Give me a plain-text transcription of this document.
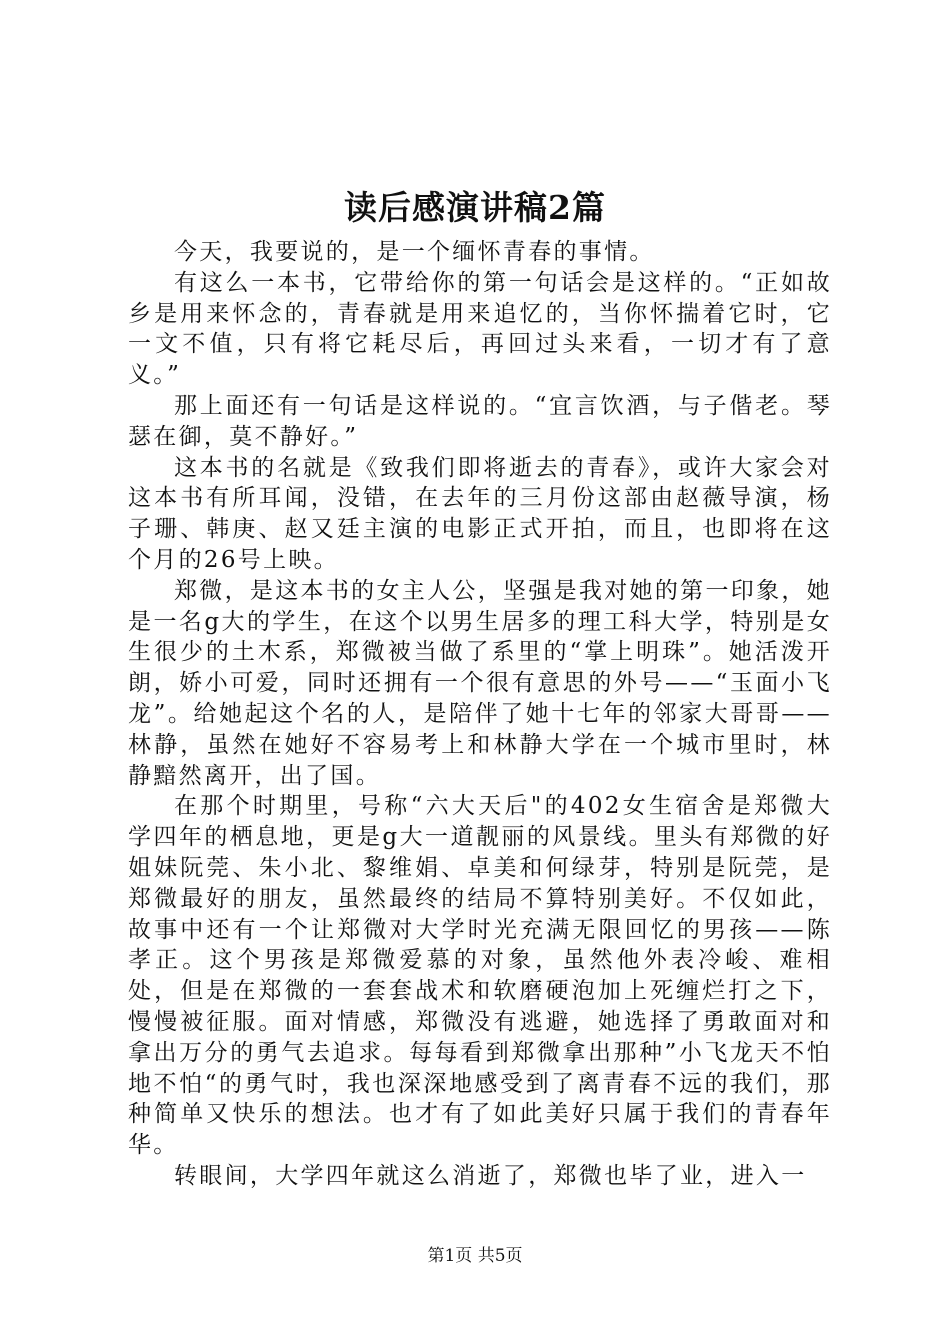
读后感演讲稿2篇

今天，我要说的，是一个缅怀青春的事情。

有这么一本书，它带给你的第一句话会是这样的。“正如故乡是用来怀念的，青春就是用来追忆的，当你怀揣着它时，它一文不值，只有将它耗尽后，再回过头来看，一切才有了意义。”

那上面还有一句话是这样说的。“宜言饮酒，与子偕老。琴瑟在御，莫不静好。”

这本书的名就是《致我们即将逝去的青春》，或许大家会对这本书有所耳闻，没错，在去年的三月份这部由赵薇导演，杨子珊、韩庚、赵又廷主演的电影正式开拍，而且，也即将在这个月的26号上映。

郑微，是这本书的女主人公，坚强是我对她的第一印象，她是一名g大的学生，在这个以男生居多的理工科大学，特别是女生很少的土木系，郑微被当做了系里的“掌上明珠”。她活泼开朗，娇小可爱，同时还拥有一个很有意思的外号——“玉面小飞龙”。给她起这个名的人，是陪伴了她十七年的邻家大哥哥——林静，虽然在她好不容易考上和林静大学在一个城市里时，林静黯然离开，出了国。

在那个时期里，号称“六大天后"的402女生宿舍是郑微大学四年的栖息地，更是g大一道靓丽的风景线。里头有郑微的好姐妹阮莞、朱小北、黎维娟、卓美和何绿芽，特别是阮莞，是郑微最好的朋友，虽然最终的结局不算特别美好。不仅如此，故事中还有一个让郑微对大学时光充满无限回忆的男孩——陈孝正。这个男孩是郑微爱慕的对象，虽然他外表冷峻、难相处，但是在郑微的一套套战术和软磨硬泡加上死缠烂打之下，慢慢被征服。面对情感，郑微没有逃避，她选择了勇敢面对和拿出万分的勇气去追求。每每看到郑微拿出那种”小飞龙天不怕地不怕“的勇气时，我也深深地感受到了离青春不远的我们，那种简单又快乐的想法。也才有了如此美好只属于我们的青春年华。

转眼间，大学四年就这么消逝了，郑微也毕了业，进入一

第1页 共5页
